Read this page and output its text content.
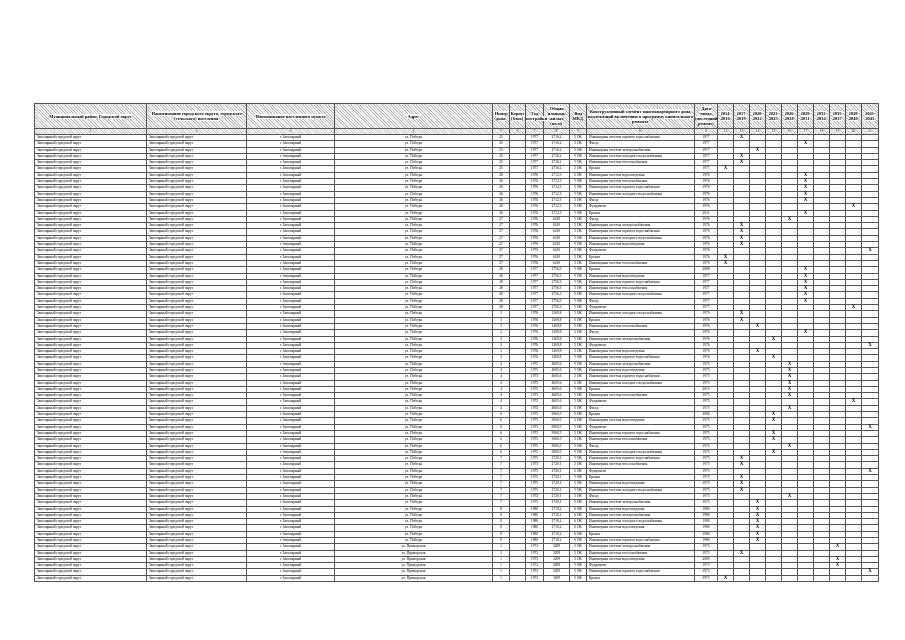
Муниципальный район, Городской округ	Наименование городского округа, городского (сельского) поселения	Наименование населенного пункта	Адрес	Номер дома	Корпус (блок)	Год постройки	Общая площадь жилых (кв.м)	Вид МКД	Конструктивный элемент многоквартирного дома, подлежащий включению в программу капитального ремонта	Дата ввода (последний ремонт)	2014-2016	2017-2019	2020-2022	2023-2025	2026-2028	2029-2031	2032-2034	2035-2037	2038-2040	2041-2043
1	2	3	4	5	6	7	8	9	10	11	12	13	14	15	16	17	18	19	20	21
Заполярный городской округ	Заполярный городской округ	г. Заполярный	ул. Победы	25		1977	2716,2	5 ОК	Инженерная система горячего водоснабжения	1977		X								
Заполярный городской округ	Заполярный городской округ	г. Заполярный	ул. Победы	25		1977	2716,2	5 ОК	Фасад	1977						X				
Заполярный городской округ	Заполярный городской округ	г. Заполярный	ул. Победы	25		1977	2716,2	5 ОК	Инженерная система электроснабжения	1977			X							
Заполярный городской округ	Заполярный городской округ	г. Заполярный	ул. Победы	25		1977	2716,2	5 ОК	Инженерная система холодного водоснабжения	1977		X								
Заполярный городской округ	Заполярный городской округ	г. Заполярный	ул. Победы	25		1977	2716,2	5 ОК	Инженерная система теплоснабжения	1977		X								
Заполярный городской округ	Заполярный городской округ	г. Заполярный	ул. Победы	25		1977	2716,2	5 ОК	Крыша	1977	X									
Заполярный городской округ	Заполярный городской округ	г. Заполярный	ул. Победы	26		1976	2712,3	5 ОК	Инженерная система водоотведения	1976						X				
Заполярный городской округ	Заполярный городской округ	г. Заполярный	ул. Победы	26		1976	2712,3	5 ОК	Инженерная система теплоснабжения	1976						X				
Заполярный городской округ	Заполярный городской округ	г. Заполярный	ул. Победы	26		1976	2712,3	5 ОК	Инженерная система горячего водоснабжения	1976						X				
Заполярный городской округ	Заполярный городской округ	г. Заполярный	ул. Победы	26		1976	2712,3	5 ОК	Инженерная система холодного водоснабжения	1976						X				
Заполярный городской округ	Заполярный городской округ	г. Заполярный	ул. Победы	26		1976	2712,3	5 ОК	Фасад	1976						X				
Заполярный городской округ	Заполярный городской округ	г. Заполярный	ул. Победы	26		1976	2712,3	5 ОК	Фундамент	1976									X	
Заполярный городской округ	Заполярный городской округ	г. Заполярный	ул. Победы	26		1976	2712,3	5 ОК	Крыша	2011						X				
Заполярный городской округ	Заполярный городской округ	г. Заполярный	ул. Победы	27		1976	6410	5 ОК	Фасад	1976					X					
Заполярный городской округ	Заполярный городской округ	г. Заполярный	ул. Победы	27		1976	6410	5 ОК	Инженерная система электроснабжения	1976		X								
Заполярный городской округ	Заполярный городской округ	г. Заполярный	ул. Победы	27		1976	6410	5 ОК	Инженерная система горячего водоснабжения	1976		X								
Заполярный городской округ	Заполярный городской округ	г. Заполярный	ул. Победы	27		1976	6410	5 ОК	Инженерная система холодного водоснабжения	1976		X								
Заполярный городской округ	Заполярный городской округ	г. Заполярный	ул. Победы	27		1976	6410	5 ОК	Инженерная система водоотведения	1976		X								
Заполярный городской округ	Заполярный городской округ	г. Заполярный	ул. Победы	27		1976	6410	5 ОК	Фундамент	1976										X
Заполярный городской округ	Заполярный городской округ	г. Заполярный	ул. Победы	27		1976	6410	5 ОК	Крыша	1976	X									
Заполярный городской округ	Заполярный городской округ	г. Заполярный	ул. Победы	27		1976	6410	5 ОК	Инженерная система теплоснабжения	1976	X									
Заполярный городской округ	Заполярный городской округ	г. Заполярный	ул. Победы	28		1977	2756,3	5 ОК	Крыша	2008						X				
Заполярный городской округ	Заполярный городской округ	г. Заполярный	ул. Победы	28		1977	2756,3	5 ОК	Инженерная система водоотведения	1977						X				
Заполярный городской округ	Заполярный городской округ	г. Заполярный	ул. Победы	28		1977	2756,3	5 ОК	Инженерная система горячего водоснабжения	1977						X				
Заполярный городской округ	Заполярный городской округ	г. Заполярный	ул. Победы	28		1977	2756,3	5 ОК	Инженерная система теплоснабжения	1977						X				
Заполярный городской округ	Заполярный городской округ	г. Заполярный	ул. Победы	28		1977	2756,3	5 ОК	Инженерная система холодного водоснабжения	1977						X				
Заполярный городской округ	Заполярный городской округ	г. Заполярный	ул. Победы	28		1977	2756,3	5 ОК	Фасад	1977						X				
Заполярный городской округ	Заполярный городской округ	г. Заполярный	ул. Победы	28		1977	2756,3	5 ОК	Фундамент	1977									X	
Заполярный городской округ	Заполярный городской округ	г. Заполярный	ул. Победы	3		1976	1269,8	5 ОК	Инженерная система холодного водоснабжения	1976		X								
Заполярный городской округ	Заполярный городской округ	г. Заполярный	ул. Победы	3		1976	1269,8	5 ОК	Крыша	1976		X								
Заполярный городской округ	Заполярный городской округ	г. Заполярный	ул. Победы	3		1976	1269,8	5 ОК	Инженерная система теплоснабжения	1976			X							
Заполярный городской округ	Заполярный городской округ	г. Заполярный	ул. Победы	3		1976	1269,8	5 ОК	Фасад	1976						X				
Заполярный городской округ	Заполярный городской округ	г. Заполярный	ул. Победы	3		1976	1269,8	5 ОК	Инженерная система электроснабжения	1976				X						
Заполярный городской округ	Заполярный городской округ	г. Заполярный	ул. Победы	3		1976	1269,8	5 ОК	Фундамент	1976										X
Заполярный городской округ	Заполярный городской округ	г. Заполярный	ул. Победы	3		1976	1269,8	5 ОК	Инженерная система водоотведения	1976			X							
Заполярный городской округ	Заполярный городской округ	г. Заполярный	ул. Победы	3		1976	1269,8	5 ОК	Инженерная система горячего водоснабжения	1976				X						
Заполярный городской округ	Заполярный городской округ	г. Заполярный	ул. Победы	4		1975	4605,6	5 ОК	Инженерная система электроснабжения	1975					X					
Заполярный городской округ	Заполярный городской округ	г. Заполярный	ул. Победы	4		1975	4605,6	5 ОК	Инженерная система водоотведения	1975					X					
Заполярный городской округ	Заполярный городской округ	г. Заполярный	ул. Победы	4		1975	4605,6	5 ОК	Инженерная система горячего водоснабжения	1975					X					
Заполярный городской округ	Заполярный городской округ	г. Заполярный	ул. Победы	4		1975	4605,6	5 ОК	Инженерная система холодного водоснабжения	1975					X					
Заполярный городской округ	Заполярный городской округ	г. Заполярный	ул. Победы	4		1975	4605,6	5 ОК	Крыша	2013					X					
Заполярный городской округ	Заполярный городской округ	г. Заполярный	ул. Победы	4		1975	4605,6	5 ОК	Инженерная система теплоснабжения	1975					X					
Заполярный городской округ	Заполярный городской округ	г. Заполярный	ул. Победы	4		1975	4605,6	5 ОК	Фундамент	1975									X	
Заполярный городской округ	Заполярный городской округ	г. Заполярный	ул. Победы	4		1975	4605,6	5 ОК	Фасад	1975					X					
Заполярный городской округ	Заполярный городской округ	г. Заполярный	ул. Победы	6		1975	5060,5	5 ОК	Крыша	2006				X						
Заполярный городской округ	Заполярный городской округ	г. Заполярный	ул. Победы	6		1975	5060,5	5 ОК	Инженерная система водоотведения	1975				X						
Заполярный городской округ	Заполярный городской округ	г. Заполярный	ул. Победы	6		1975	5060,5	5 ОК	Фундамент	1975										X
Заполярный городской округ	Заполярный городской округ	г. Заполярный	ул. Победы	6		1975	5060,5	5 ОК	Инженерная система горячего водоснабжения	1975				X						
Заполярный городской округ	Заполярный городской округ	г. Заполярный	ул. Победы	6		1975	5060,5	5 ОК	Инженерная система теплоснабжения	1975				X						
Заполярный городской округ	Заполярный городской округ	г. Заполярный	ул. Победы	6		1975	5060,5	5 ОК	Фасад	1975					X					
Заполярный городской округ	Заполярный городской округ	г. Заполярный	ул. Победы	6		1975	5060,5	5 ОК	Инженерная система холодного водоснабжения	1975				X						
Заполярный городской округ	Заполярный городской округ	г. Заполярный	ул. Победы	7		1975	2720,1	5 ОК	Инженерная система горячего водоснабжения	1975		X								
Заполярный городской округ	Заполярный городской округ	г. Заполярный	ул. Победы	7		1975	2720,1	5 ОК	Инженерная система теплоснабжения	1975		X								
Заполярный городской округ	Заполярный городской округ	г. Заполярный	ул. Победы	7		1975	2720,1	5 ОК	Фундамент	1975										X
Заполярный городской округ	Заполярный городской округ	г. Заполярный	ул. Победы	7		1975	2720,1	5 ОК	Крыша	1975		X								
Заполярный городской округ	Заполярный городской округ	г. Заполярный	ул. Победы	7		1975	2720,1	5 ОК	Инженерная система водоотведения	1975		X								
Заполярный городской округ	Заполярный городской округ	г. Заполярный	ул. Победы	7		1975	2720,1	5 ОК	Инженерная система холодного водоснабжения	1975		X								
Заполярный городской округ	Заполярный городской округ	г. Заполярный	ул. Победы	7		1975	2720,1	5 ОК	Фасад	1975					X					
Заполярный городской округ	Заполярный городской округ	г. Заполярный	ул. Победы	7		1975	2720,1	5 ОК	Инженерная система электроснабжения	1975			X							
Заполярный городской округ	Заполярный городской округ	г. Заполярный	ул. Победы	8		1980	2718,2	6 ОК	Инженерная система водоотведения	1980			X							
Заполярный городской округ	Заполярный городской округ	г. Заполярный	ул. Победы	8		1980	2718,2	6 ОК	Инженерная система электроснабжения	1980			X							
Заполярный городской округ	Заполярный городской округ	г. Заполярный	ул. Победы	8		1980	2718,2	6 ОК	Инженерная система холодного водоснабжения	1980			X							
Заполярный городской округ	Заполярный городской округ	г. Заполярный	ул. Победы	8		1980	2718,2	6 ОК	Инженерная система водоотведения	1980			X							
Заполярный городской округ	Заполярный городской округ	г. Заполярный	ул. Победы	8		1980	2718,2	6 ОК	Крыша	1980			X							
Заполярный городской округ	Заполярный городской округ	г. Заполярный	ул. Победы	8		1980	2718,2	6 ОК	Инженерная система горячего водоснабжения	1980			X							
Заполярный городской округ	Заполярный городской округ	г. Заполярный	ул. Приморская	1		1973	3209	5 ОК	Инженерная система электроснабжения	1973								X		
Заполярный городской округ	Заполярный городской округ	г. Заполярный	ул. Приморская	1		1973	3209	5 ОК	Инженерная система теплоснабжения	1973		X								
Заполярный городской округ	Заполярный городской округ	г. Заполярный	ул. Приморская	1		1973	3209	5 ОК	Инженерная система водоотведения	2009								X		
Заполярный городской округ	Заполярный городской округ	г. Заполярный	ул. Приморская	1		1973	3209	5 ОК	Фундамент	1973								X		
Заполярный городской округ	Заполярный городской округ	г. Заполярный	ул. Приморская	1		1973	3209	5 ОК	Инженерная система горячего водоснабжения	1973										X
Заполярный городской округ	Заполярный городской округ	г. Заполярный	ул. Приморская	1		1973	3209	5 ОК	Крыша	1973	X									
